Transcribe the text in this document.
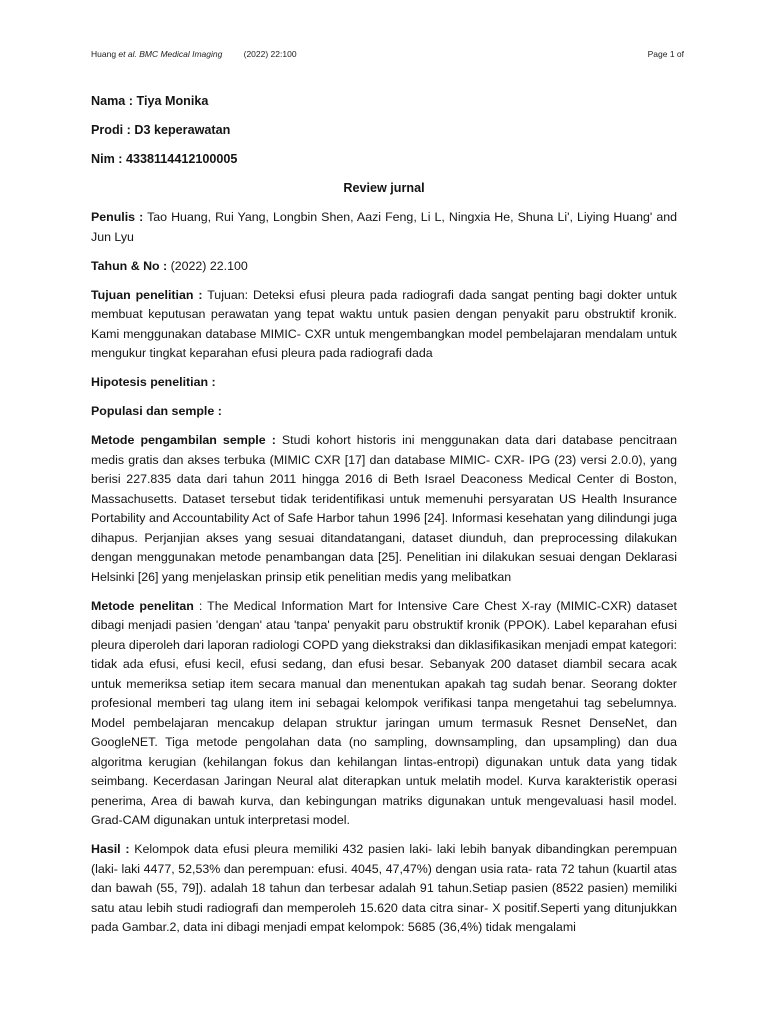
Huang et al. BMC Medical Imaging	(2022) 22:100	Page 1 of
Nama : Tiya Monika
Prodi : D3 keperawatan
Nim : 4338114412100005
Review jurnal

Penulis : Tao Huang, Rui Yang, Longbin Shen, Aazi Feng, Li L, Ningxia He, Shuna Li', Liying Huang' and Jun Lyu

Tahun & No : (2022) 22.100

Tujuan penelitian : Tujuan: Deteksi efusi pleura pada radiografi dada sangat penting bagi dokter untuk membuat keputusan perawatan yang tepat waktu untuk pasien dengan penyakit paru obstruktif kronik. Kami menggunakan database MIMIC- CXR untuk mengembangkan model pembelajaran mendalam untuk mengukur tingkat keparahan efusi pleura pada radiografi dada

Hipotesis penelitian :

Populasi dan semple :

Metode pengambilan semple : Studi kohort historis ini menggunakan data dari database pencitraan medis gratis dan akses terbuka (MIMIC CXR [17] dan database MIMIC- CXR- IPG (23) versi 2.0.0), yang berisi 227.835 data dari tahun 2011 hingga 2016 di Beth Israel Deaconess Medical Center di Boston, Massachusetts. Dataset tersebut tidak teridentifikasi untuk memenuhi persyaratan US Health Insurance Portability and Accountability Act of Safe Harbor tahun 1996 [24]. Informasi kesehatan yang dilindungi juga dihapus. Perjanjian akses yang sesuai ditandatangani, dataset diunduh, dan preprocessing dilakukan dengan menggunakan metode penambangan data [25]. Penelitian ini dilakukan sesuai dengan Deklarasi Helsinki [26] yang menjelaskan prinsip etik penelitian medis yang melibatkan

Metode penelitan : The Medical Information Mart for Intensive Care Chest X-ray (MIMIC-CXR) dataset dibagi menjadi pasien 'dengan' atau 'tanpa' penyakit paru obstruktif kronik (PPOK). Label keparahan efusi pleura diperoleh dari laporan radiologi COPD yang diekstraksi dan diklasifikasikan menjadi empat kategori: tidak ada efusi, efusi kecil, efusi sedang, dan efusi besar. Sebanyak 200 dataset diambil secara acak untuk memeriksa setiap item secara manual dan menentukan apakah tag sudah benar. Seorang dokter profesional memberi tag ulang item ini sebagai kelompok verifikasi tanpa mengetahui tag sebelumnya. Model pembelajaran mencakup delapan struktur jaringan umum termasuk Resnet DenseNet, dan GoogleNET. Tiga metode pengolahan data (no sampling, downsampling, dan upsampling) dan dua algoritma kerugian (kehilangan fokus dan kehilangan lintas-entropi) digunakan untuk data yang tidak seimbang. Kecerdasan Jaringan Neural alat diterapkan untuk melatih model. Kurva karakteristik operasi penerima, Area di bawah kurva, dan kebingungan matriks digunakan untuk mengevaluasi hasil model. Grad-CAM digunakan untuk interpretasi model.

Hasil : Kelompok data efusi pleura memiliki 432 pasien laki- laki lebih banyak dibandingkan perempuan (laki- laki 4477, 52,53% dan perempuan: efusi. 4045, 47,47%) dengan usia rata- rata 72 tahun (kuartil atas dan bawah (55, 79]). adalah 18 tahun dan terbesar adalah 91 tahun.Setiap pasien (8522 pasien) memiliki satu atau lebih studi radiografi dan memperoleh 15.620 data citra sinar- X positif.Seperti yang ditunjukkan pada Gambar.2, data ini dibagi menjadi empat kelompok: 5685 (36,4%) tidak mengalami
